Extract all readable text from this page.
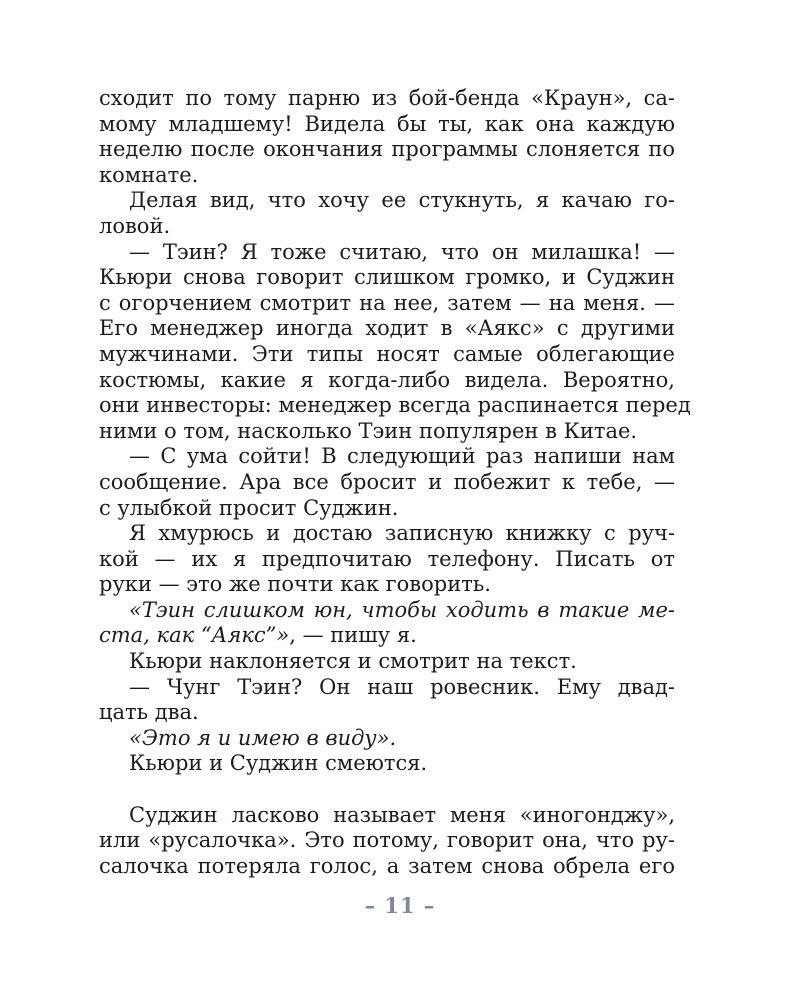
сходит по тому парню из бой-бенда «Краун», са-
мому младшему! Видела бы ты, как она каждую
неделю после окончания программы слоняется по
комнате.
Делая вид, что хочу ее стукнуть, я качаю го-
ловой.
— Тэин? Я тоже считаю, что он милашка! —
Кьюри снова говорит слишком громко, и Суджин
с огорчением смотрит на нее, затем — на меня. —
Его менеджер иногда ходит в «Аякс» с другими
мужчинами. Эти типы носят самые облегающие
костюмы, какие я когда-либо видела. Вероятно,
они инвесторы: менеджер всегда распинается перед
ними о том, насколько Тэин популярен в Китае.
— С ума сойти! В следующий раз напиши нам
сообщение. Ара все бросит и побежит к тебе, —
с улыбкой просит Суджин.
Я хмурюсь и достаю записную книжку с руч-
кой — их я предпочитаю телефону. Писать от
руки — это же почти как говорить.
«Тэин слишком юн, чтобы ходить в такие ме-
ста, как “Аякс”», — пишу я.
Кьюри наклоняется и смотрит на текст.
— Чунг Тэин? Он наш ровесник. Ему двад-
цать два.
«Это я и имею в виду».
Кьюри и Суджин смеются.
Суджин ласково называет меня «иногонджу»,
или «русалочка». Это потому, говорит она, что ру-
салочка потеряла голос, а затем снова обрела его
– 11 –
